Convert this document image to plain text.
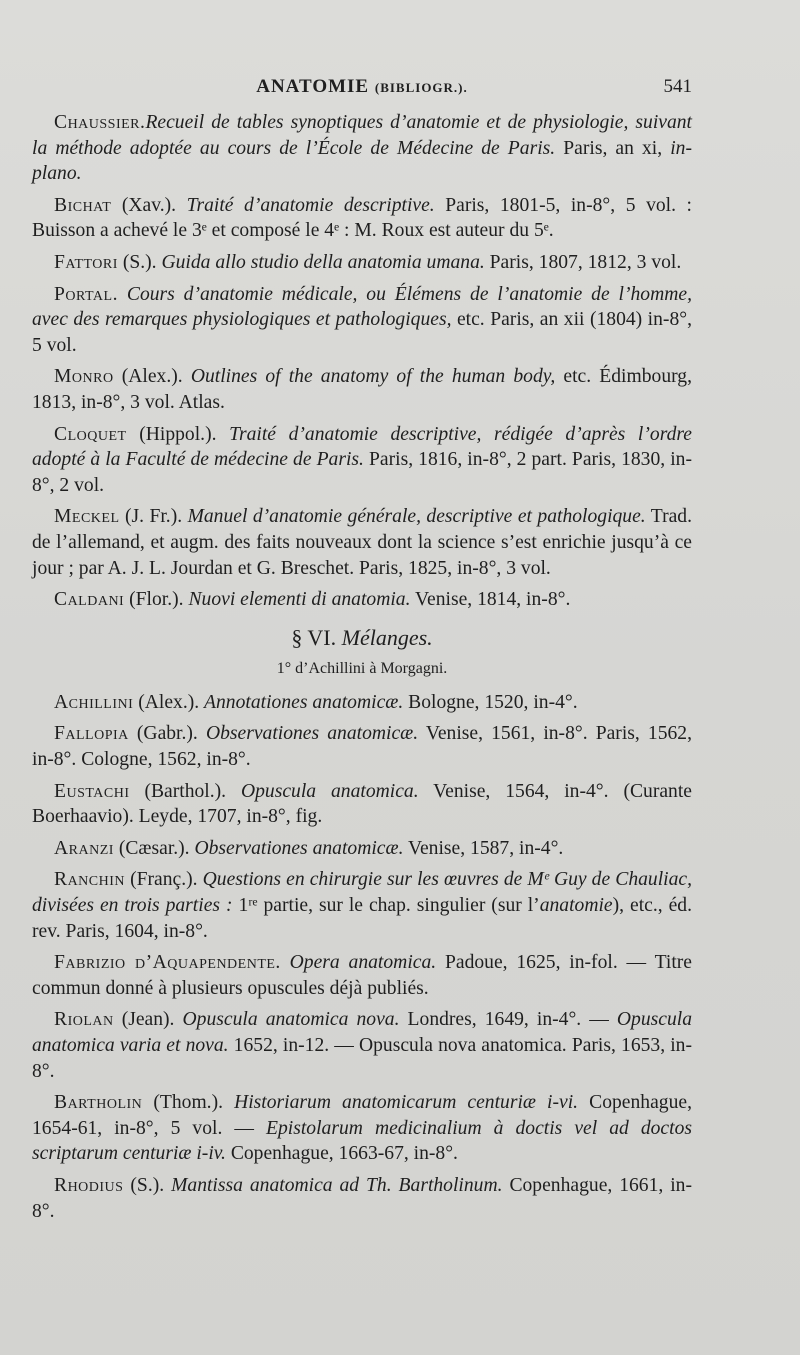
ANATOMIE (BIBLIOGR.).	541

Chaussier.Recueil de tables synoptiques d’anatomie et de physiologie, suivant la méthode adoptée au cours de l’École de Médecine de Paris. Paris, an xi, in-plano.

Bichat (Xav.). Traité d’anatomie descriptive. Paris, 1801-5, in-8°, 5 vol. : Buisson a achevé le 3ᵉ et composé le 4ᵉ : M. Roux est auteur du 5ᵉ.

Fattori (S.). Guida allo studio della anatomia umana. Paris, 1807, 1812, 3 vol.

Portal. Cours d’anatomie médicale, ou Élémens de l’anatomie de l’homme, avec des remarques physiologiques et pathologiques, etc. Paris, an xii (1804) in-8°, 5 vol.

Monro (Alex.). Outlines of the anatomy of the human body, etc. Édimbourg, 1813, in-8°, 3 vol. Atlas.

Cloquet (Hippol.). Traité d’anatomie descriptive, rédigée d’après l’ordre adopté à la Faculté de médecine de Paris. Paris, 1816, in-8°, 2 part. Paris, 1830, in-8°, 2 vol.

Meckel (J. Fr.). Manuel d’anatomie générale, descriptive et pathologique. Trad. de l’allemand, et augm. des faits nouveaux dont la science s’est enrichie jusqu’à ce jour ; par A. J. L. Jourdan et G. Breschet. Paris, 1825, in-8°, 3 vol.

Caldani (Flor.). Nuovi elementi di anatomia. Venise, 1814, in-8°.

§ VI. Mélanges.
1° d’Achillini à Morgagni.

Achillini (Alex.). Annotationes anatomicæ. Bologne, 1520, in-4°.

Fallopia (Gabr.). Observationes anatomicæ. Venise, 1561, in-8°. Paris, 1562, in-8°. Cologne, 1562, in-8°.

Eustachi (Barthol.). Opuscula anatomica. Venise, 1564, in-4°. (Curante Boerhaavio). Leyde, 1707, in-8°, fig.

Aranzi (Cæsar.). Observationes anatomicæ. Venise, 1587, in-4°.

Ranchin (Franç.). Questions en chirurgie sur les œuvres de Mᵉ Guy de Chauliac, divisées en trois parties : 1ʳᵉ partie, sur le chap. singulier (sur l’anatomie), etc., éd. rev. Paris, 1604, in-8°.

Fabrizio d’Aquapendente. Opera anatomica. Padoue, 1625, in-fol. — Titre commun donné à plusieurs opuscules déjà publiés.

Riolan (Jean). Opuscula anatomica nova. Londres, 1649, in-4°. — Opuscula anatomica varia et nova. 1652, in-12. — Opuscula nova anatomica. Paris, 1653, in-8°.

Bartholin (Thom.). Historiarum anatomicarum centuriæ i-vi. Copenhague, 1654-61, in-8°, 5 vol. — Epistolarum medicinalium à doctis vel ad doctos scriptarum centuriæ i-iv. Copenhague, 1663-67, in-8°.

Rhodius (S.). Mantissa anatomica ad Th. Bartholinum. Copenhague, 1661, in-8°.
